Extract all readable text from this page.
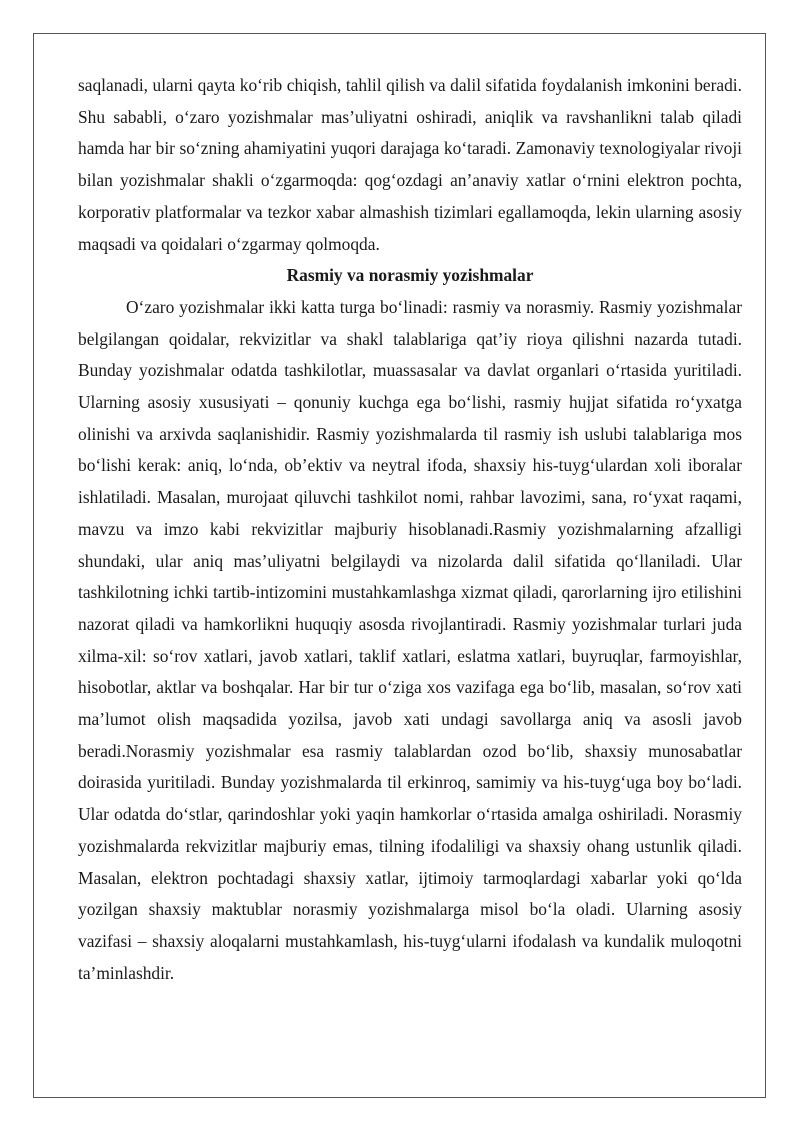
saqlanadi, ularni qayta ko‘rib chiqish, tahlil qilish va dalil sifatida foydalanish imkonini beradi. Shu sababli, o‘zaro yozishmalar mas’uliyatni oshiradi, aniqlik va ravshanlikni talab qiladi hamda har bir so‘zning ahamiyatini yuqori darajaga ko‘taradi. Zamonaviy texnologiyalar rivoji bilan yozishmalar shakli o‘zgarmoqda: qog‘ozdagi an’anaviy xatlar o‘rnini elektron pochta, korporativ platformalar va tezkor xabar almashish tizimlari egallamoqda, lekin ularning asosiy maqsadi va qoidalari o‘zgarmay qolmoqda.

Rasmiy va norasmiy yozishmalar

O‘zaro yozishmalar ikki katta turga bo‘linadi: rasmiy va norasmiy. Rasmiy yozishmalar belgilangan qoidalar, rekvizitlar va shakl talablariga qat’iy rioya qilishni nazarda tutadi. Bunday yozishmalar odatda tashkilotlar, muassasalar va davlat organlari o‘rtasida yuritiladi. Ularning asosiy xususiyati – qonuniy kuchga ega bo‘lishi, rasmiy hujjat sifatida ro‘yxatga olinishi va arxivda saqlanishidir. Rasmiy yozishmalarda til rasmiy ish uslubi talablariga mos bo‘lishi kerak: aniq, lo‘nda, ob’ektiv va neytral ifoda, shaxsiy his-tuyg‘ulardan xoli iboralar ishlatiladi. Masalan, murojaat qiluvchi tashkilot nomi, rahbar lavozimi, sana, ro‘yxat raqami, mavzu va imzo kabi rekvizitlar majburiy hisoblanadi.Rasmiy yozishmalarning afzalligi shundaki, ular aniq mas’uliyatni belgilaydi va nizolarda dalil sifatida qo‘llaniladi. Ular tashkilotning ichki tartib-intizomini mustahkamlashga xizmat qiladi, qarorlarning ijro etilishini nazorat qiladi va hamkorlikni huquqiy asosda rivojlantiradi. Rasmiy yozishmalar turlari juda xilma-xil: so‘rov xatlari, javob xatlari, taklif xatlari, eslatma xatlari, buyruqlar, farmoyishlar, hisobotlar, aktlar va boshqalar. Har bir tur o‘ziga xos vazifaga ega bo‘lib, masalan, so‘rov xati ma’lumot olish maqsadida yozilsa, javob xati undagi savollarga aniq va asosli javob beradi.Norasmiy yozishmalar esa rasmiy talablardan ozod bo‘lib, shaxsiy munosabatlar doirasida yuritiladi. Bunday yozishmalarda til erkinroq, samimiy va his-tuyg‘uga boy bo‘ladi. Ular odatda do‘stlar, qarindoshlar yoki yaqin hamkorlar o‘rtasida amalga oshiriladi. Norasmiy yozishmalarda rekvizitlar majburiy emas, tilning ifodaliligi va shaxsiy ohang ustunlik qiladi. Masalan, elektron pochtadagi shaxsiy xatlar, ijtimoiy tarmoqlardagi xabarlar yoki qo‘lda yozilgan shaxsiy maktublar norasmiy yozishmalarga misol bo‘la oladi. Ularning asosiy vazifasi – shaxsiy aloqalarni mustahkamlash, his-tuyg‘ularni ifodalash va kundalik muloqotni ta’minlashdir.
